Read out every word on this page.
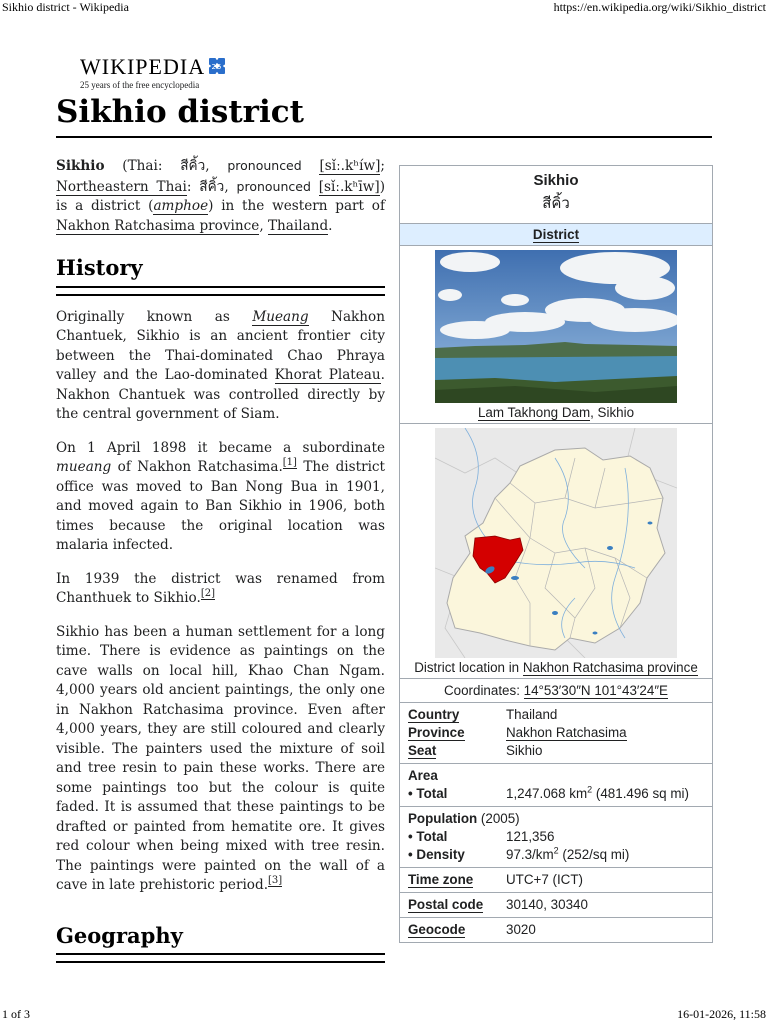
Sikhio district - Wikipedia	https://en.wikipedia.org/wiki/Sikhio_district
WIKIPEDIA 25
25 years of the free encyclopedia
Sikhio district

Sikhio (Thai: สีคิ้ว, pronounced [sǐː.kʰíw]; Northeastern Thai: สีคิ้ว, pronounced [sǐː.kʰīw]) is a district (amphoe) in the western part of Nakhon Ratchasima province, Thailand.

History

Originally known as Mueang Nakhon Chantuek, Sikhio is an ancient frontier city between the Thai-dominated Chao Phraya valley and the Lao-dominated Khorat Plateau. Nakhon Chantuek was controlled directly by the central government of Siam.

On 1 April 1898 it became a subordinate mueang of Nakhon Ratchasima.[1] The district office was moved to Ban Nong Bua in 1901, and moved again to Ban Sikhio in 1906, both times because the original location was malaria infected.

In 1939 the district was renamed from Chanthuek to Sikhio.[2]

Sikhio has been a human settlement for a long time. There is evidence as paintings on the cave walls on local hill, Khao Chan Ngam. 4,000 years old ancient paintings, the only one in Nakhon Ratchasima province. Even after 4,000 years, they are still coloured and clearly visible. The painters used the mixture of soil and tree resin to pain these works. There are some paintings too but the colour is quite faded. It is assumed that these paintings to be drafted or painted from hematite ore. It gives red colour when being mixed with tree resin. The paintings were painted on the wall of a cave in late prehistoric period.[3]

Geography
Sikhio
สีคิ้ว
District
Lam Takhong Dam, Sikhio
District location in Nakhon Ratchasima province
Coordinates: 14°53′30″N 101°43′24″E
Country	Thailand
Province	Nakhon Ratchasima
Seat	Sikhio
Area
• Total	1,247.068 $km^2$ (481.496 sq mi)
Population (2005)
• Total	121,356
• Density	$97.3/km^2$ (252/sq mi)
Time zone	UTC+7 (ICT)
Postal code	30140, 30340
Geocode	3020
1 of 3	16-01-2026, 11:58
